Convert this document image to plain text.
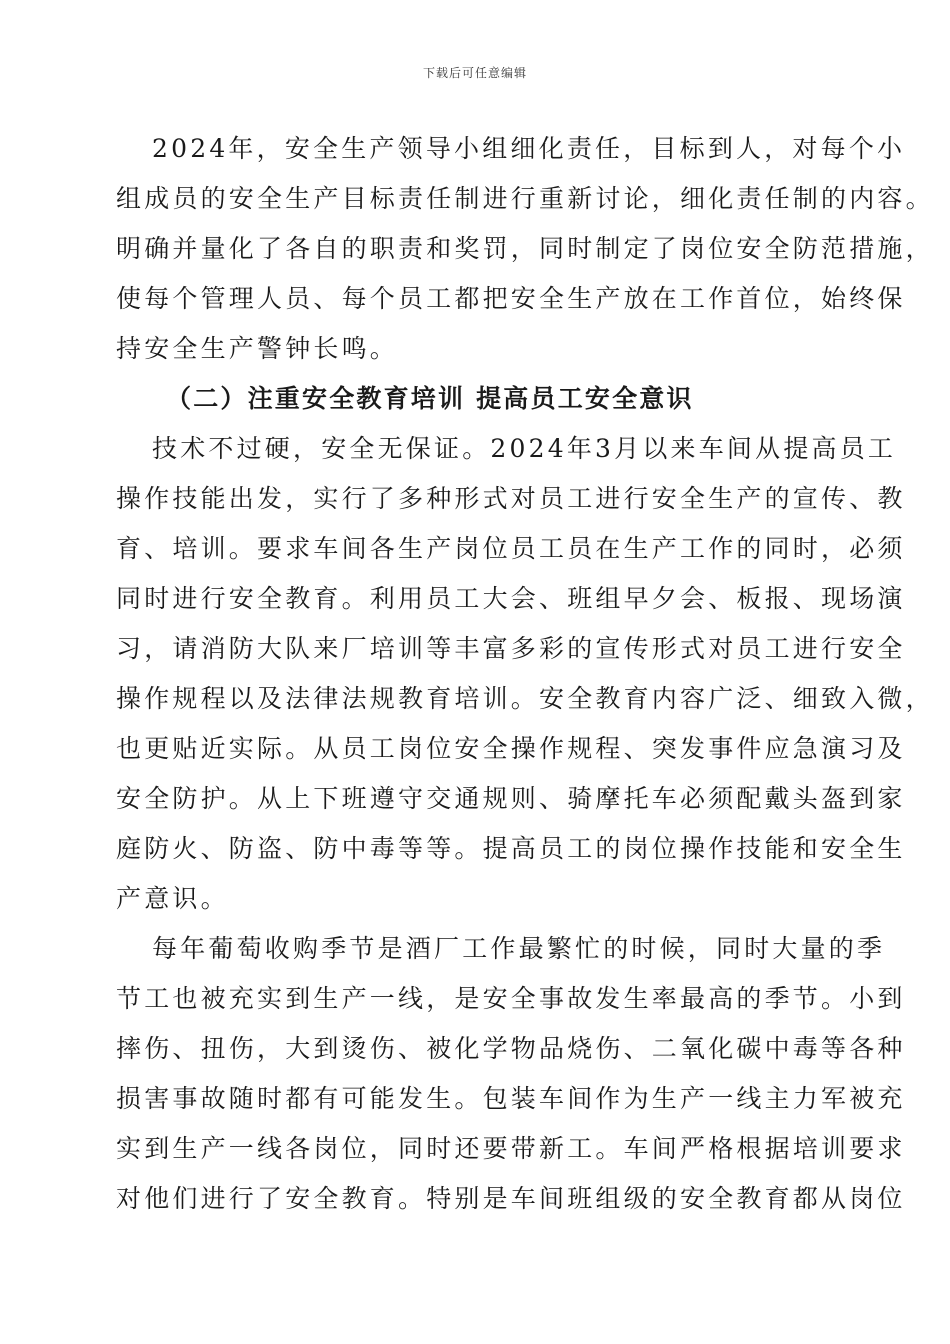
下载后可任意编辑
2024年，安全生产领导小组细化责任，目标到人，对每个小
组成员的安全生产目标责任制进行重新讨论，细化责任制的内容。
明确并量化了各自的职责和奖罚，同时制定了岗位安全防范措施，
使每个管理人员、每个员工都把安全生产放在工作首位，始终保
持安全生产警钟长鸣。
（二）注重安全教育培训 提高员工安全意识
技术不过硬，安全无保证。2024年3月以来车间从提高员工
操作技能出发，实行了多种形式对员工进行安全生产的宣传、教
育、培训。要求车间各生产岗位员工员在生产工作的同时，必须
同时进行安全教育。利用员工大会、班组早夕会、板报、现场演
习，请消防大队来厂培训等丰富多彩的宣传形式对员工进行安全
操作规程以及法律法规教育培训。安全教育内容广泛、细致入微，
也更贴近实际。从员工岗位安全操作规程、突发事件应急演习及
安全防护。从上下班遵守交通规则、骑摩托车必须配戴头盔到家
庭防火、防盗、防中毒等等。提高员工的岗位操作技能和安全生
产意识。
每年葡萄收购季节是酒厂工作最繁忙的时候，同时大量的季
节工也被充实到生产一线，是安全事故发生率最高的季节。小到
摔伤、扭伤，大到烫伤、被化学物品烧伤、二氧化碳中毒等各种
损害事故随时都有可能发生。包装车间作为生产一线主力军被充
实到生产一线各岗位，同时还要带新工。车间严格根据培训要求
对他们进行了安全教育。特别是车间班组级的安全教育都从岗位
